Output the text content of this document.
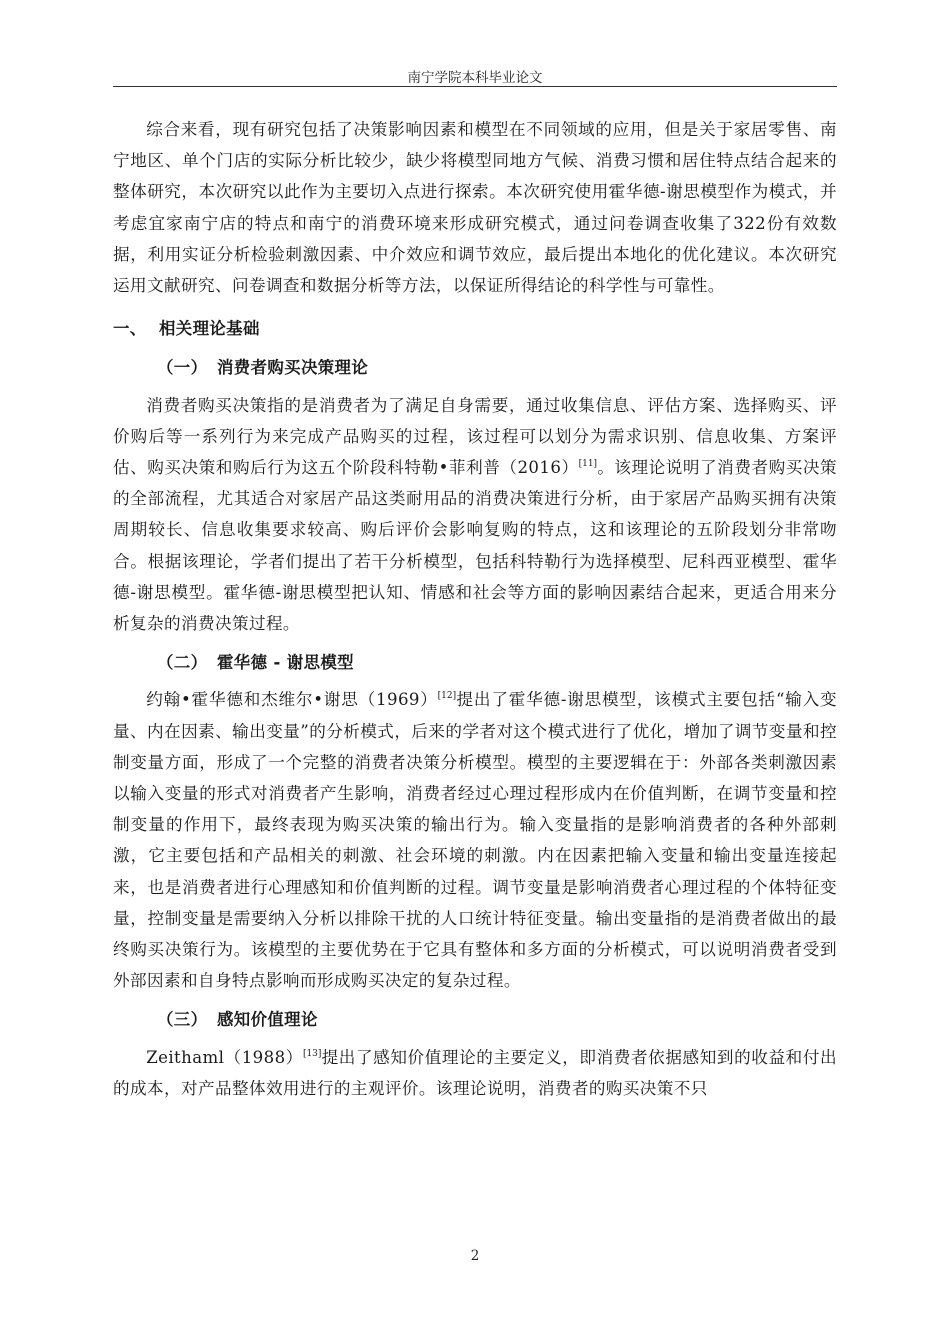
南宁学院本科毕业论文

综合来看，现有研究包括了决策影响因素和模型在不同领域的应用，但是关于家居零售、南宁地区、单个门店的实际分析比较少，缺少将模型同地方气候、消费习惯和居住特点结合起来的整体研究，本次研究以此作为主要切入点进行探索。本次研究使用霍华德-谢思模型作为模式，并考虑宜家南宁店的特点和南宁的消费环境来形成研究模式，通过问卷调查收集了322份有效数据，利用实证分析检验刺激因素、中介效应和调节效应，最后提出本地化的优化建议。本次研究运用文献研究、问卷调查和数据分析等方法，以保证所得结论的科学性与可靠性。

一、 相关理论基础
（一） 消费者购买决策理论

消费者购买决策指的是消费者为了满足自身需要，通过收集信息、评估方案、选择购买、评价购后等一系列行为来完成产品购买的过程，该过程可以划分为需求识别、信息收集、方案评估、购买决策和购后行为这五个阶段科特勒•菲利普（2016）[11]。该理论说明了消费者购买决策的全部流程，尤其适合对家居产品这类耐用品的消费决策进行分析，由于家居产品购买拥有决策周期较长、信息收集要求较高、购后评价会影响复购的特点，这和该理论的五阶段划分非常吻合。根据该理论，学者们提出了若干分析模型，包括科特勒行为选择模型、尼科西亚模型、霍华德-谢思模型。霍华德-谢思模型把认知、情感和社会等方面的影响因素结合起来，更适合用来分析复杂的消费决策过程。

（二） 霍华德 - 谢思模型

约翰•霍华德和杰维尔•谢思（1969）[12]提出了霍华德-谢思模型，该模式主要包括“输入变量、内在因素、输出变量”的分析模式，后来的学者对这个模式进行了优化，增加了调节变量和控制变量方面，形成了一个完整的消费者决策分析模型。模型的主要逻辑在于：外部各类刺激因素以输入变量的形式对消费者产生影响，消费者经过心理过程形成内在价值判断，在调节变量和控制变量的作用下，最终表现为购买决策的输出行为。输入变量指的是影响消费者的各种外部刺激，它主要包括和产品相关的刺激、社会环境的刺激。内在因素把输入变量和输出变量连接起来，也是消费者进行心理感知和价值判断的过程。调节变量是影响消费者心理过程的个体特征变量，控制变量是需要纳入分析以排除干扰的人口统计特征变量。输出变量指的是消费者做出的最终购买决策行为。该模型的主要优势在于它具有整体和多方面的分析模式，可以说明消费者受到外部因素和自身特点影响而形成购买决定的复杂过程。

（三） 感知价值理论

Zeithaml（1988）[13]提出了感知价值理论的主要定义，即消费者依据感知到的收益和付出的成本，对产品整体效用进行的主观评价。该理论说明，消费者的购买决策不只

2
